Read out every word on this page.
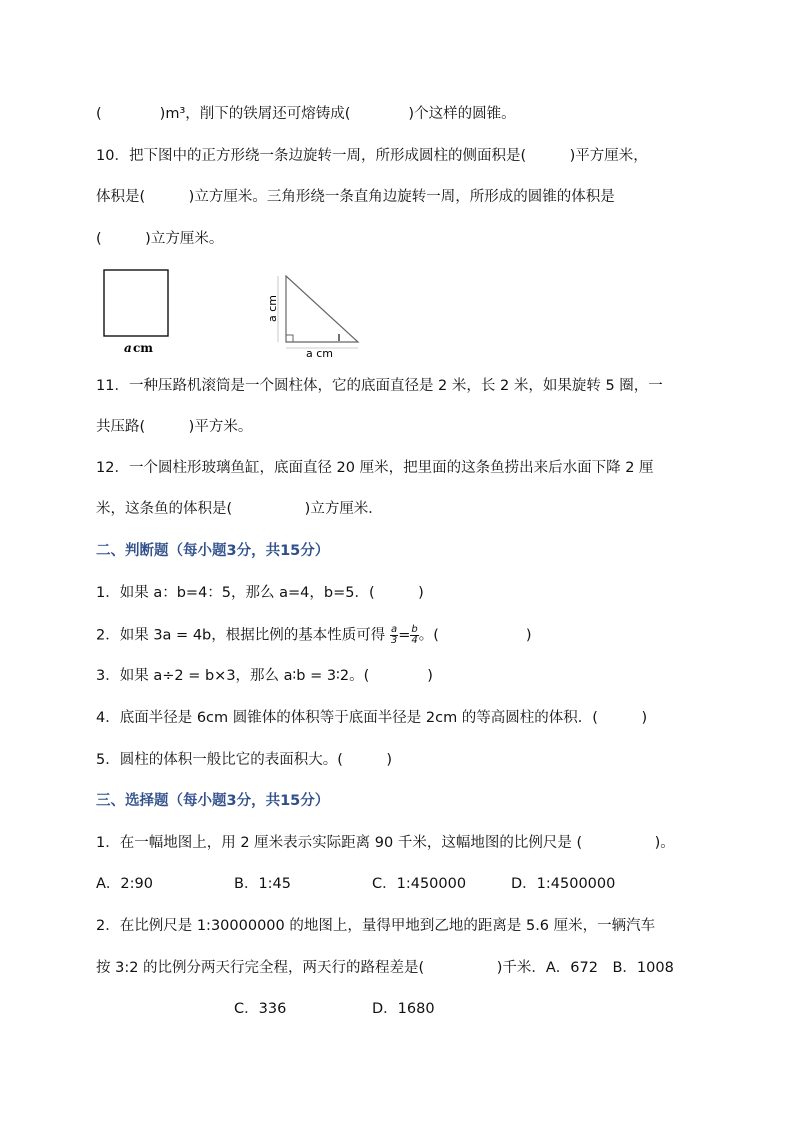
(　　　　)m³，削下的铁屑还可熔铸成(　　　　)个这样的圆锥。
10．把下图中的正方形绕一条边旋转一周，所形成圆柱的侧面积是(　　　)平方厘米，
体积是(　　　)立方厘米。三角形绕一条直角边旋转一周，所形成的圆锥的体积是
(　　　)立方厘米。
a cm
a cm
a cm
11．一种压路机滚筒是一个圆柱体，它的底面直径是 2 米，长 2 米，如果旋转 5 圈，一
共压路(　　　)平方米。
12．一个圆柱形玻璃鱼缸，底面直径 20 厘米，把里面的这条鱼捞出来后水面下降 2 厘
米，这条鱼的体积是(　　　　　)立方厘米．
二、判断题（每小题3分，共15分）
1．如果 a：b=4：5，那么 a=4，b=5．(　　　)
2．如果 3a = 4b，根据比例的基本性质可得 $\frac{a}{3} = \frac{b}{4}$ 。(　　　　　　)
3．如果 a÷2 = b×3，那么 a∶b = 3∶2。(　　　　)
4．底面半径是 6cm 圆锥体的体积等于底面半径是 2cm 的等高圆柱的体积．(　　　)
5．圆柱的体积一般比它的表面积大。(　　　)
三、选择题（每小题3分，共15分）
1．在一幅地图上，用 2 厘米表示实际距离 90 千米，这幅地图的比例尺是 (　　　　　)。
A．2:90	B．1:45	C．1:450000	D．1:4500000
2．在比例尺是 1:30000000 的地图上，量得甲地到乙地的距离是 5.6 厘米，一辆汽车
按 3:2 的比例分两天行完全程，两天行的路程差是(　　　　　)千米．A．672　B．1008
C．336	D．1680
